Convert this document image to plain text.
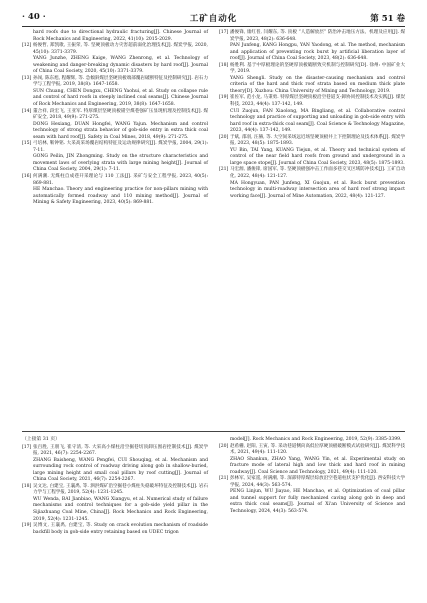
· 40 ·	工矿自动化	第 51 卷
hard roofs due to directional hydraulic fracturing[J]. Chinese Journal of Rock Mechanics and Engineering, 2022, 41(10): 2015-2029.
[12] 杨俊哲, 郑凯歌, 王振荣, 等. 坚硬顶板动力灾害超前弱化治理技术[J]. 煤炭学报, 2020, 45(10): 3371-3379.
YANG Junzhe, ZHENG Kaige, WANG Zhenrong, et al. Technology of weakening and danger-breaking dynamic disasters by hard roof[J]. Journal of China Coal Society, 2020, 45(10): 3371-3379.
[13] 孙闯, 陈东旭, 程耀辉, 等. 急倾斜煤层坚硬顶板端部覆岩破断特征及控制研究[J]. 岩石力学与工程学报, 2019, 38(8): 1647-1658.
SUN Chuang, CHEN Dongxu, CHENG Yaohui, et al. Study on collapse rule and control of hard roofs in steeply inclined coal seams[J]. Chinese Journal of Rock Mechanics and Engineering, 2019, 38(8): 1647-1658.
[14] 董合祥, 段宏飞, 王亚军. 特厚煤层坚硬顶板锚空煤巷强矿压显现机理及控制技术[J]. 煤矿安全, 2018, 49(9): 271-275.
DONG Hexiang, DUAN Hongfei, WANG Yajun. Mechanism and control technology of strong strata behavior of gob-side entry in extra thick coal seam with hard roof[J]. Safety in Coal Mines, 2018, 49(9): 271-275.
[15] 弓培林, 靳钟铭. 大采高采场覆岩结构特征及运动规律研究[J]. 煤炭学报, 2004, 29(1): 7-11.
GONG Peilin, JIN Zhongming. Study on the structure characteristics and movement laws of overlying strata with large mining height[J]. Journal of China Coal Society, 2004, 29(1): 7-11.
[16] 何满潮. 无煤柱自成巷开采理论与 110 工法[J]. 采矿与安全工程学报, 2023, 40(5): 869-881.
HE Manchao. Theory and engineering practice for non-pillars mining with automatically formed roadway and 110 mining method[J]. Journal of Mining & Safety Engineering, 2023, 40(5): 869-881.
[17] 潘俊锋, 康红普, 闫耀东, 等. 顶板 “人造解放层” 防治冲击地压方法、机理及应用[J]. 煤炭学报, 2023, 48(2): 636-648.
PAN Junfeng, KANG Hongpu, YAN Yaodong, et al. The method, mechanism and application of preventing rock burst by artificial liberation layer of roof[J]. Journal of China Coal Society, 2023, 48(2): 636-648.
[18] 杨胜利. 基于中厚板理论的坚硬厚顶板破断致灾机制与控制研究[D]. 徐州: 中国矿业大学, 2019.
YANG Shengli. Study on the disaster-causing mechanism and control criteria of the hard and thick roof strata based on medium thick plate theory[D]. Xuzhou: China University of Mining and Technology, 2019.
[19] 崔佐军, 范小龙, 马秉勇. 特厚煤层坚硬顶板沿空巷道支-卸协同控制技术及实践[J]. 煤炭科技, 2023, 44(4): 137-142, 149.
CUI Zuojun, FAN Xiaolong, MA Bingliang, et al. Collaborative control technology and practice of supporting and unloading in gob-side entry with hard roof in extra-thick coal seam[J]. Coal Science & Technology Magazine, 2023, 44(4): 137-142, 149.
[20] 于斌, 邵羽, 汪赫, 等. 大空间采场远近场坚硬顶板井上下控制理论及技术体系[J]. 煤炭学报, 2023, 48(5): 1875-1893.
YU Bin, TAI Yang, KUANG Tiejun, et al. Theory and technical system of control of the near field hard roofs from ground and underground in a large space stope[J]. Journal of China Coal Society, 2023, 48(5): 1875-1893.
[21] 马宏源, 潘俊锋, 席国军, 等. 坚硬顶板强冲击工作面多巷交叉区域防冲技术[J]. 工矿自动化, 2022, 48(4): 121-127.
MA Hongyuan, PAN Junfeng, XI Guojun, et al. Rock burst prevention technology in multi-roadway intersection area of hard roof strong impact working face[J]. Journal of Mine Automation, 2022, 48(4): 121-127.
（上接第 31 页）
[17] 张百胜, 王朋飞, 崔守清, 等. 大采高小煤柱沿空掘巷切顶卸压围岩控制技术[J]. 煤炭学报, 2021, 46(7): 2254-2267.
ZHANG Baisheng, WANG Pengfei, CUI Shouqing, et al. Mechanism and surrounding rock control of roadway driving along gob in shallow-buried, large mining height and small coal pillars by roof cutting[J]. Journal of China Coal Society, 2021, 46(7): 2254-2267.
[18] 吴文达, 白建宝, 王襄禹, 等. 泗洪煤矿沿空掘巷小煤柱失稳破坏特征及控制技术[J]. 岩石力学与工程学报, 2019, 52(4): 1231-1245.
WU Wenda, BAI Jianbiao, WANG Xiangyu, et al. Numerical study of failure mechanisms and control techniques for a gob-side yield pillar in the Sijiazhuang Coal Mine, China[J]. Rock Mechanics and Rock Engineering, 2019, 52(4): 1231-1245.
[19] 吴博文, 王襄禹, 白建宝, 等. Study on crack evolution mechanism of roadside backfill body in gob-side entry retaining based on UDEC trigon
model[J]. Rock Mechanics and Rock Engineering, 2019, 52(9): 3385-3399.
[20] 赵希栅, 赵阳, 王寅, 等. 采动巷道侧向高低位厚硬顶板破断模式试验研究[J]. 煤炭科学技术, 2021, 49(4): 111-120.
ZHAO Shankun, ZHAO Yang, WANG Yin, et al. Experimental study on fracture mode of lateral high and low thick and hard roof in mining roadway[J]. Coal Science and Technology, 2021, 49(4): 111-120.
[21] 彭林军, 吴家遥, 何满潮, 等. 深部特厚煤层综放沿空巷道柱状支护优化[J]. 西安科技大学学报, 2024, 44(3): 563-574.
PENG Linjun, WU Jiayao, HE Manchao, et al. Optimization of coal pillar and tunnel support for fully mechanized caving along gob in deep and extra thick coal seams[J]. Journal of Xi'an University of Science and Technology, 2024, 44(3): 563-574.
